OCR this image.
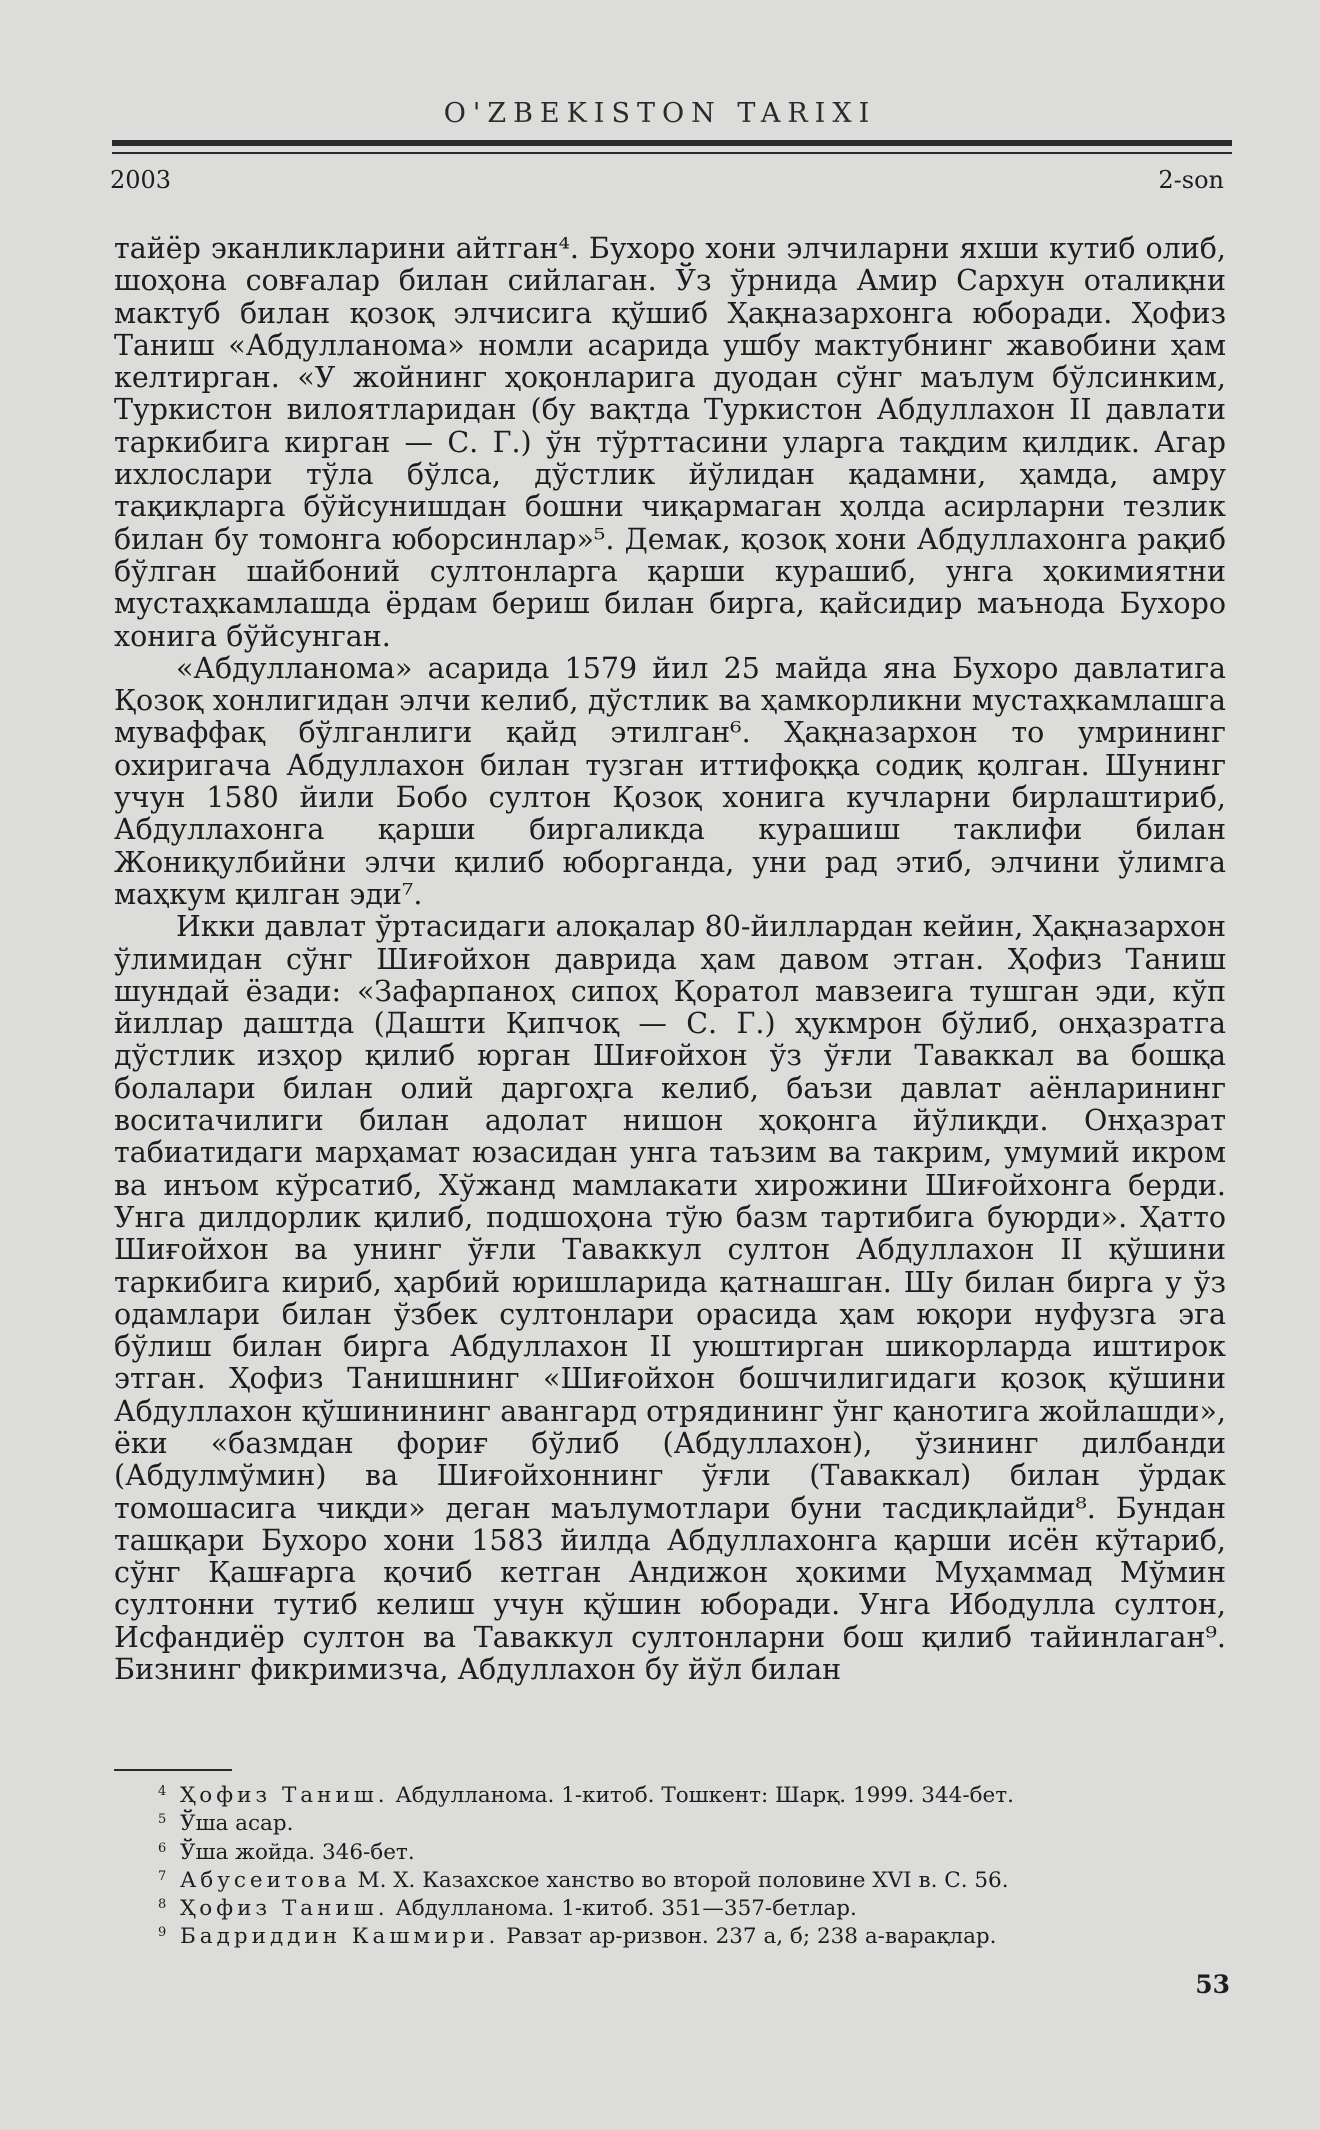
O'ZBEKISTON TARIXI
2003	2-son

тайёр эканликларини айтган⁴. Бухоро хони элчиларни яхши кутиб олиб, шоҳона совғалар билан сийлаган. Ўз ўрнида Амир Сархун оталиқни мактуб билан қозоқ элчисига қўшиб Ҳақназархонга юборади. Ҳофиз Таниш «Абдулланома» номли асарида ушбу мактубнинг жавобини ҳам келтирган. «У жойнинг ҳоқонларига дуодан сўнг маълум бўлсинким, Туркистон вилоятларидан (бу вақтда Туркистон Абдуллахон II давлати таркибига кирган — С. Г.) ўн тўрттасини уларга тақдим қилдик. Агар ихлослари тўла бўлса, дўстлик йўлидан қадамни, ҳамда, амру тақиқларга бўйсунишдан бошни чиқармаган ҳолда асирларни тезлик билан бу томонга юборсинлар»⁵. Демак, қозоқ хони Абдуллахонга рақиб бўлган шайбоний султонларга қарши курашиб, унга ҳокимиятни мустаҳкамлашда ёрдам бериш билан бирга, қайсидир маънода Бухоро хонига бўйсунган.

«Абдулланома» асарида 1579 йил 25 майда яна Бухоро давлатига Қозоқ хонлигидан элчи келиб, дўстлик ва ҳамкорликни мустаҳкамлашга муваффақ бўлганлиги қайд этилган⁶. Ҳақназархон то умрининг охиригача Абдуллахон билан тузган иттифоққа содиқ қолган. Шунинг учун 1580 йили Бобо султон Қозоқ хонига кучларни бирлаштириб, Абдуллахонга қарши биргаликда курашиш таклифи билан Жониқулбийни элчи қилиб юборганда, уни рад этиб, элчини ўлимга маҳкум қилган эди⁷.

Икки давлат ўртасидаги алоқалар 80-йиллардан кейин, Ҳақназархон ўлимидан сўнг Шиғойхон даврида ҳам давом этган. Ҳофиз Таниш шундай ёзади: «Зафарпаноҳ сипоҳ Қоратол мавзеига тушган эди, кўп йиллар даштда (Дашти Қипчоқ — С. Г.) ҳукмрон бўлиб, онҳазратга дўстлик изҳор қилиб юрган Шиғойхон ўз ўғли Таваккал ва бошқа болалари билан олий даргоҳга келиб, баъзи давлат аёнларининг воситачилиги билан адолат нишон ҳоқонга йўлиқди. Онҳазрат табиатидаги марҳамат юзасидан унга таъзим ва такрим, умумий икром ва инъом кўрсатиб, Хўжанд мамлакати хирожини Шиғойхонга берди. Унга дилдорлик қилиб, подшоҳона тўю базм тартибига буюрди». Ҳатто Шиғойхон ва унинг ўғли Таваккул султон Абдуллахон II қўшини таркибига кириб, ҳарбий юришларида қатнашган. Шу билан бирга у ўз одамлари билан ўзбек султонлари орасида ҳам юқори нуфузга эга бўлиш билан бирга Абдуллахон II уюштирган шикорларда иштирок этган. Ҳофиз Танишнинг «Шиғойхон бошчилигидаги қозоқ қўшини Абдуллахон қўшинининг авангард отрядининг ўнг қанотига жойлашди», ёки «базмдан фориғ бўлиб (Абдуллахон), ўзининг дилбанди (Абдулмўмин) ва Шиғойхоннинг ўғли (Таваккал) билан ўрдак томошасига чиқди» деган маълумотлари буни тасдиқлайди⁸. Бундан ташқари Бухоро хони 1583 йилда Абдуллахонга қарши исён кўтариб, сўнг Қашғарга қочиб кетган Андижон ҳокими Муҳаммад Мўмин султонни тутиб келиш учун қўшин юборади. Унга Ибодулла султон, Исфандиёр султон ва Таваккул султонларни бош қилиб тайинлаган⁹. Бизнинг фикримизча, Абдуллахон бу йўл билан

4 Ҳофиз Таниш. Абдулланома. 1-китоб. Тошкент: Шарқ. 1999. 344-бет.
5 Ўша асар.
6 Ўша жойда. 346-бет.
7 Абусеитова М. Х. Казахское ханство во второй половине XVI в. С. 56.
8 Ҳофиз Таниш. Абдулланома. 1-китоб. 351—357-бетлар.
9 Бадриддин Кашмири. Равзат ар-ризвон. 237 а, б; 238 а-варақлар.
53
